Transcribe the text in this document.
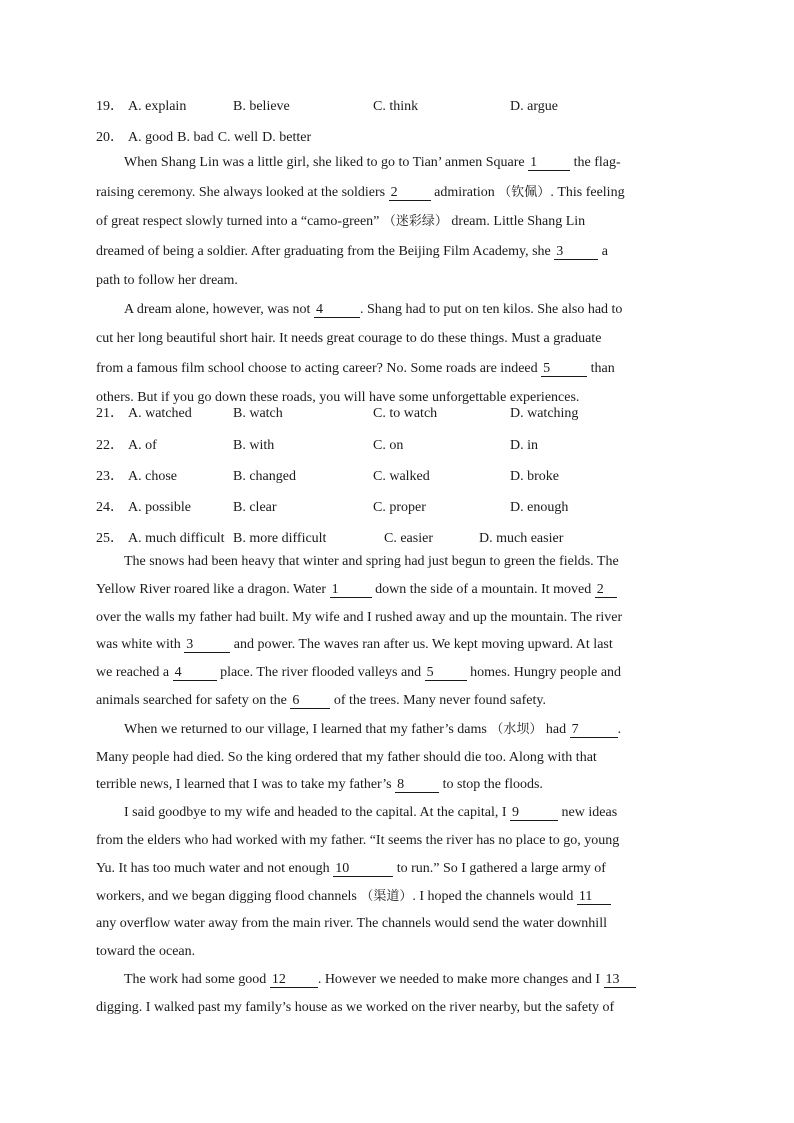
19． A. explain	B. believe	C. think	D. argue
20． A. good B. bad C. well D. better
When Shang Lin was a little girl, she liked to go to Tian’ anmen Square 1	the flag-
raising ceremony. She always looked at the soldiers 2	admiration （钦佩）. This feeling
of great respect slowly turned into a “camo-green” （迷彩绿） dream. Little Shang Lin
dreamed of being a soldier. After graduating from the Beijing Film Academy, she 3	a
path to follow her dream.
A dream alone, however, was not 4	. Shang had to put on ten kilos. She also had to
cut her long beautiful short hair. It needs great courage to do these things. Must a graduate
from a famous film school choose to acting career? No. Some roads are indeed 5	than
others. But if you go down these roads, you will have some unforgettable experiences.
21． A. watched	B. watch	C. to watch	D. watching
22． A. of	B. with	C. on	D. in
23． A. chose	B. changed	C. walked	D. broke
24． A. possible	B. clear	C. proper	D. enough
25． A. much difficult B. more difficult	C. easier	D. much easier
The snows had been heavy that winter and spring had just begun to green the fields. The
Yellow River roared like a dragon. Water 1	down the side of a mountain. It moved 2
over the walls my father had built. My wife and I rushed away and up the mountain. The river
was white with 3	and power. The waves ran after us. We kept moving upward. At last
we reached a 4	place. The river flooded valleys and 5	homes. Hungry people and
animals searched for safety on the 6 of the trees. Many never found safety.
When we returned to our village, I learned that my father’s dams （水坝） had 7	.
Many people had died. So the king ordered that my father should die too. Along with that
terrible news, I learned that I was to take my father’s 8	to stop the floods.
I said goodbye to my wife and headed to the capital. At the capital, I 9	new ideas
from the elders who had worked with my father. “It seems the river has no place to go, young
Yu. It has too much water and not enough 10	to run.” So I gathered a large army of
workers, and we began digging flood channels （渠道）. I hoped the channels would 11
any overflow water away from the main river. The channels would send the water downhill
toward the ocean.
The work had some good 12 . However we needed to make more changes and I 13
digging. I walked past my family’s house as we worked on the river nearby, but the safety of
